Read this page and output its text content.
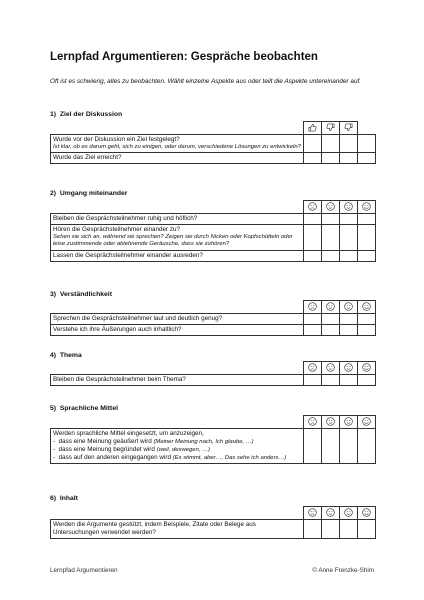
Lernpfad Argumentieren: Gespräche beobachten
Oft ist es schwierig, alles zu beobachten. Wählt einzelne Aspekte aus oder teilt die Aspekte untereinander auf.
1)  Ziel der Diskussion

Wurde vor der Diskussion ein Ziel festgelegt?
Ist klar, ob es darum geht, sich zu einigen, oder darum, verschiedene Lösungen zu entwickeln?				

Wurde das Ziel erreicht?				
2)  Umgang miteinander

Bleiben die Gesprächsteilnehmer ruhig und höflich?				
Hören die Gesprächsteilnehmer einander zu?
Sehen sie sich an, während sie sprechen? Zeigen sie durch Nicken oder Kopfschütteln oder leise zustimmende oder ablehnende Geräusche, dass sie zuhören?				

Lassen die Gesprächsteilnehmer einander ausreden?				
3)  Verständlichkeit

Sprechen die Gesprächsteilnehmer laut und deutlich genug?				
Verstehe ich ihre Äußerungen auch inhaltlich?				
4)  Thema

Bleiben die Gesprächsteilnehmer beim Thema?				
5)  Sprachliche Mittel

Werden sprachliche Mittel eingesetzt, um anzuzeigen,
-  dass eine Meinung geäußert wird (Meiner Meinung nach, Ich glaube, …)
-  dass eine Meinung begründet wird (weil, deswegen, …)
-  dass auf den anderen eingegangen wird (Es stimmt, aber…, Das sehe ich anders…)				

6)  Inhalt

Werden die Argumente gestützt, indem Beispiele, Zitate oder Belege aus Untersuchungen verwendet werden?				
Lernpfad Argumentieren	© Anne Frenzke-Shim
